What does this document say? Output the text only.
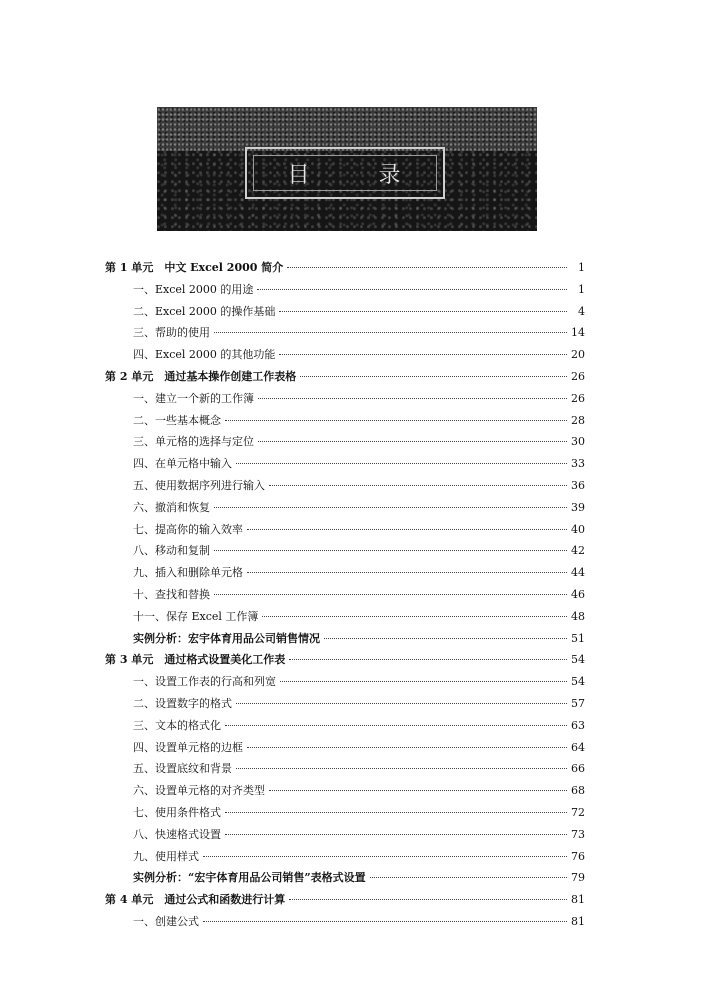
目	录
第 1 单元　中文 Excel 2000 简介	1
一、Excel 2000 的用途	1
二、Excel 2000 的操作基础	4
三、帮助的使用	14
四、Excel 2000 的其他功能	20
第 2 单元　通过基本操作创建工作表格	26
一、建立一个新的工作簿	26
二、一些基本概念	28
三、单元格的选择与定位	30
四、在单元格中输入	33
五、使用数据序列进行输入	36
六、撤消和恢复	39
七、提高你的输入效率	40
八、移动和复制	42
九、插入和删除单元格	44
十、查找和替换	46
十一、保存 Excel 工作簿	48
实例分析：宏宇体育用品公司销售情况	51
第 3 单元　通过格式设置美化工作表	54
一、设置工作表的行高和列宽	54
二、设置数字的格式	57
三、文本的格式化	63
四、设置单元格的边框	64
五、设置底纹和背景	66
六、设置单元格的对齐类型	68
七、使用条件格式	72
八、快速格式设置	73
九、使用样式	76
实例分析：“宏宇体育用品公司销售”表格式设置	79
第 4 单元　通过公式和函数进行计算	81
一、创建公式	81
